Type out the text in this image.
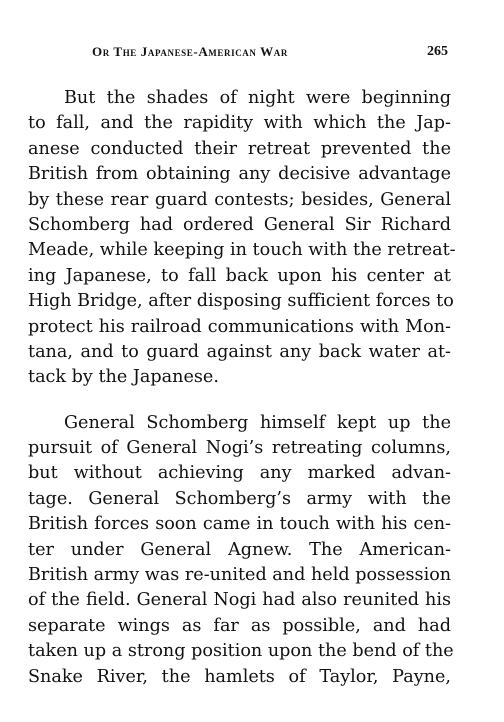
Or The Japanese-American War	265
But the shades of night were beginning
to fall, and the rapidity with which the Jap-
anese conducted their retreat prevented the
British from obtaining any decisive advantage
by these rear guard contests; besides, General
Schomberg had ordered General Sir Richard
Meade, while keeping in touch with the retreat-
ing Japanese, to fall back upon his center at
High Bridge, after disposing sufficient forces to
protect his railroad communications with Mon-
tana, and to guard against any back water at-
tack by the Japanese.
General Schomberg himself kept up the
pursuit of General Nogi’s retreating columns,
but without achieving any marked advan-
tage. General Schomberg’s army with the
British forces soon came in touch with his cen-
ter under General Agnew. The American-
British army was re-united and held possession
of the field. General Nogi had also reunited his
separate wings as far as possible, and had
taken up a strong position upon the bend of the
Snake River, the hamlets of Taylor, Payne,
